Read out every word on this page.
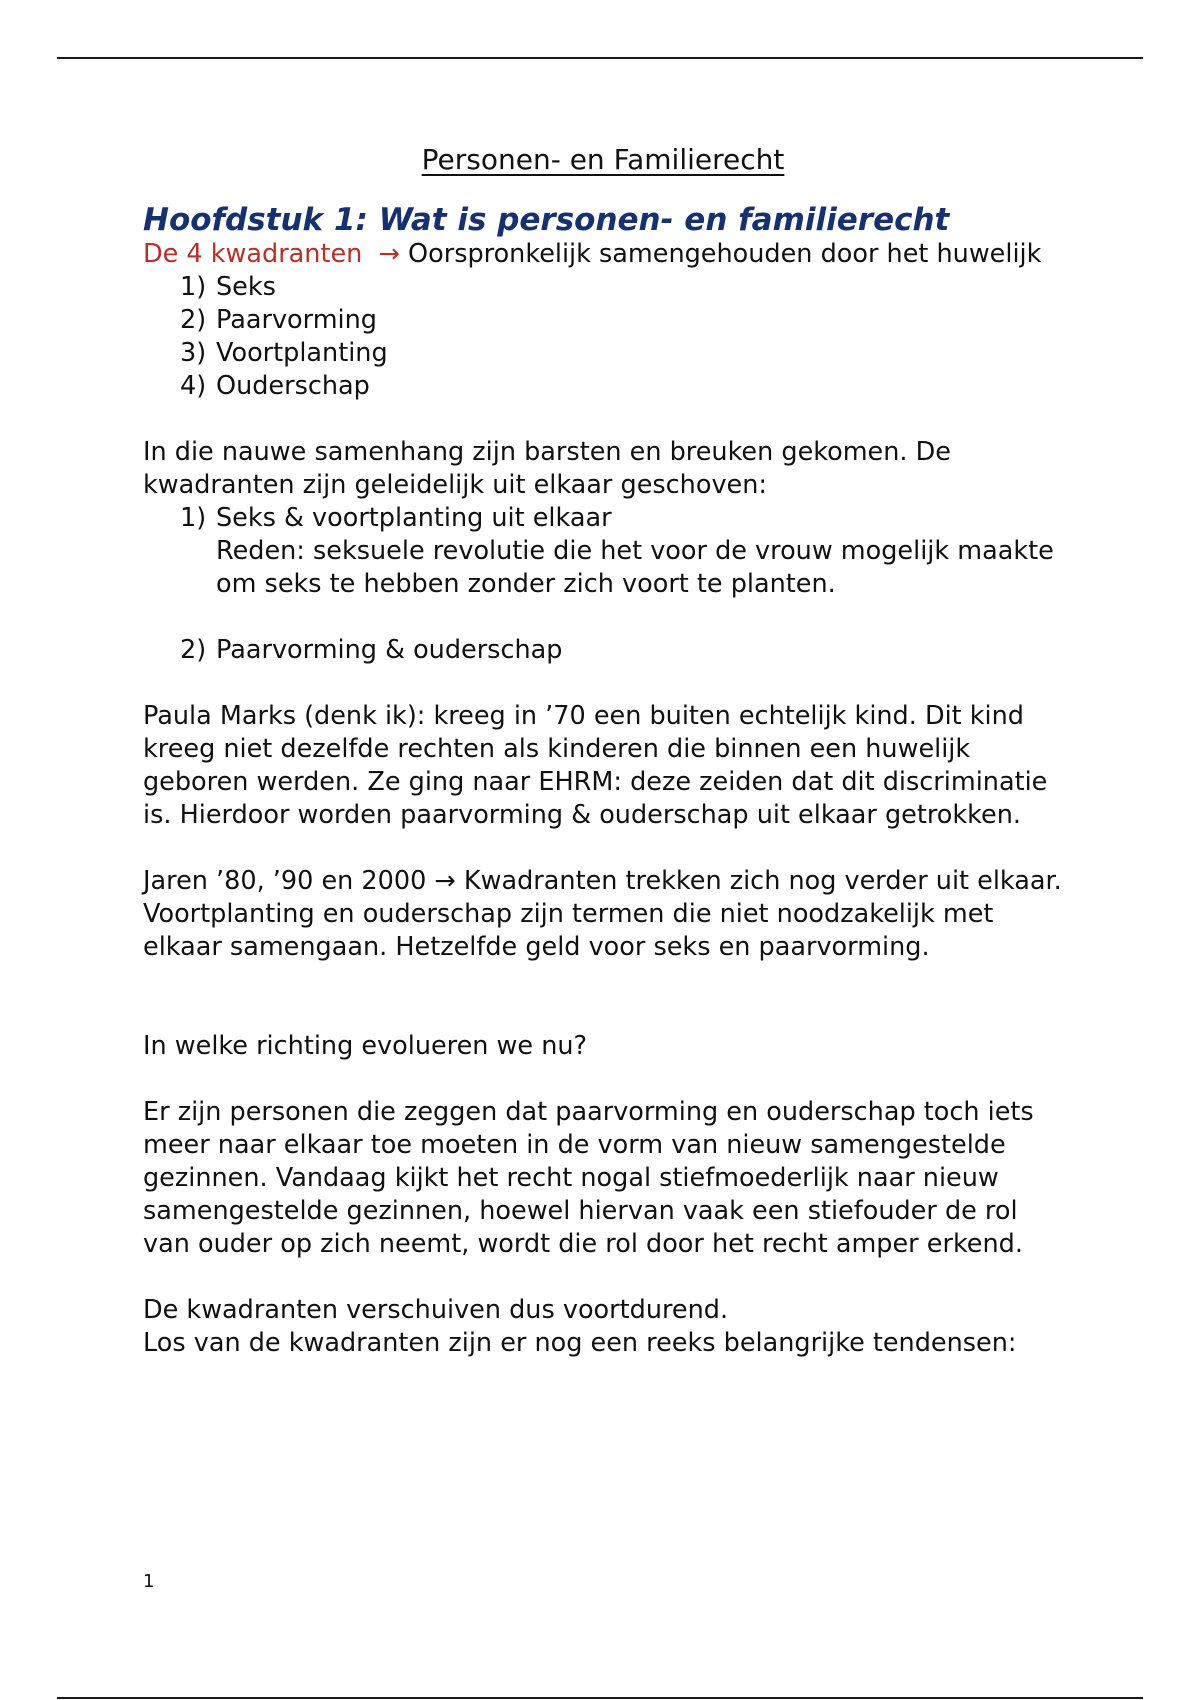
Personen- en Familierecht
Hoofdstuk 1: Wat is personen- en familierecht

De 4 kwadranten → Oorspronkelijk samengehouden door het huwelijk

1) Seks
2) Paarvorming
3) Voortplanting
4) Ouderschap

In die nauwe samenhang zijn barsten en breuken gekomen. De kwadranten zijn geleidelijk uit elkaar geschoven:

1) Seks & voortplanting uit elkaar

Reden: seksuele revolutie die het voor de vrouw mogelijk maakte om seks te hebben zonder zich voort te planten.

2) Paarvorming & ouderschap

Paula Marks (denk ik): kreeg in ’70 een buiten echtelijk kind. Dit kind kreeg niet dezelfde rechten als kinderen die binnen een huwelijk geboren werden. Ze ging naar EHRM: deze zeiden dat dit discriminatie is. Hierdoor worden paarvorming & ouderschap uit elkaar getrokken.

Jaren ’80, ’90 en 2000 → Kwadranten trekken zich nog verder uit elkaar. Voortplanting en ouderschap zijn termen die niet noodzakelijk met elkaar samengaan. Hetzelfde geld voor seks en paarvorming.

In welke richting evolueren we nu?

Er zijn personen die zeggen dat paarvorming en ouderschap toch iets meer naar elkaar toe moeten in de vorm van nieuw samengestelde gezinnen. Vandaag kijkt het recht nogal stiefmoederlijk naar nieuw samengestelde gezinnen, hoewel hiervan vaak een stiefouder de rol van ouder op zich neemt, wordt die rol door het recht amper erkend.

De kwadranten verschuiven dus voortdurend.

Los van de kwadranten zijn er nog een reeks belangrijke tendensen:

1
